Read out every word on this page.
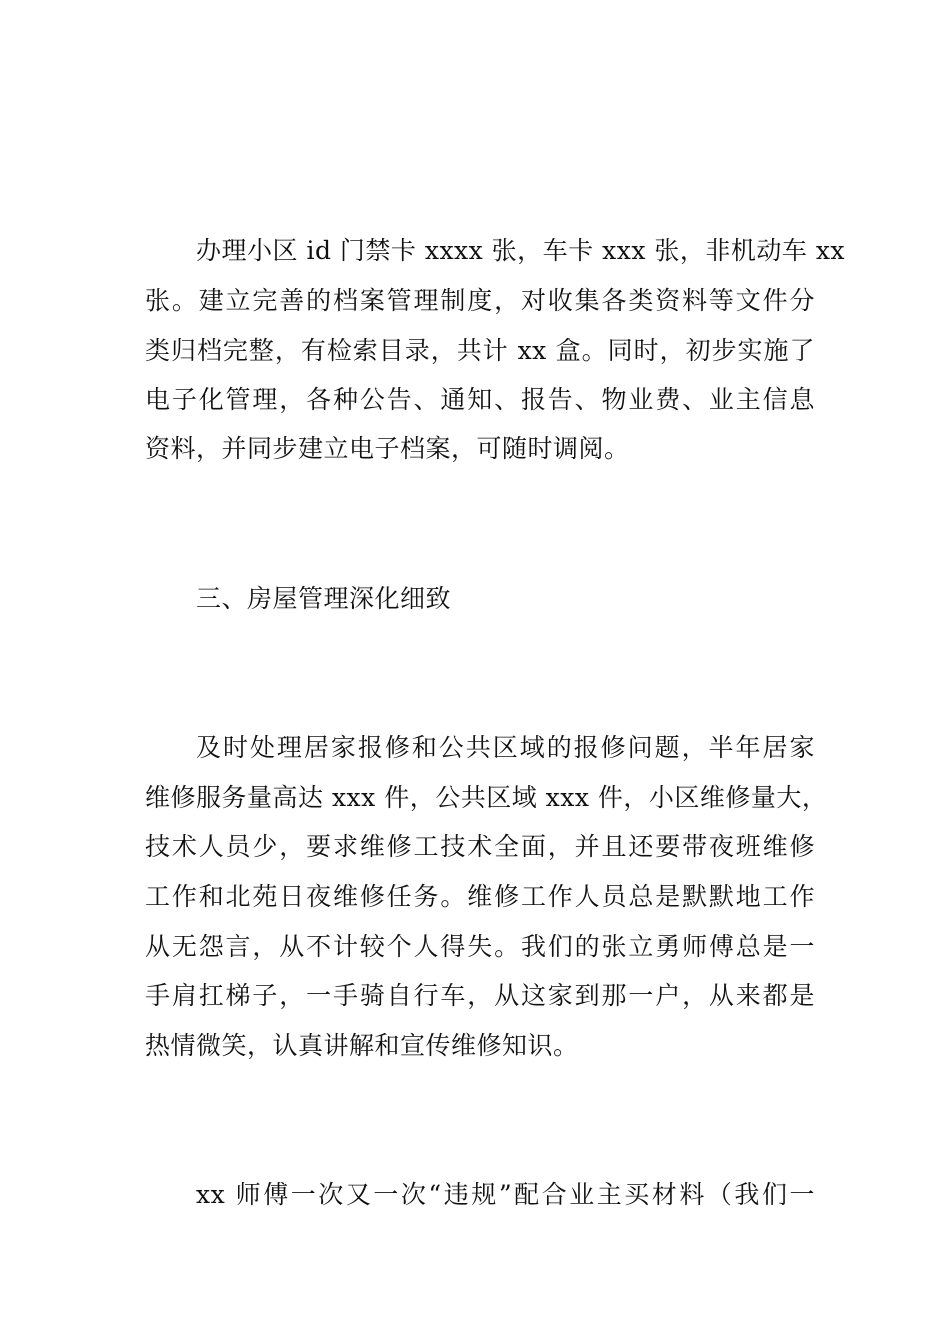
办理小区 id 门禁卡 xxxx 张，车卡 xxx 张，非机动车 xx
张。建立完善的档案管理制度，对收集各类资料等文件分
类归档完整，有检索目录，共计 xx 盒。同时，初步实施了
电子化管理，各种公告、通知、报告、物业费、业主信息
资料，并同步建立电子档案，可随时调阅。
三、房屋管理深化细致
及时处理居家报修和公共区域的报修问题，半年居家
维修服务量高达 xxx 件，公共区域 xxx 件，小区维修量大，
技术人员少，要求维修工技术全面，并且还要带夜班维修
工作和北苑日夜维修任务。维修工作人员总是默默地工作
从无怨言，从不计较个人得失。我们的张立勇师傅总是一
手肩扛梯子，一手骑自行车，从这家到那一户，从来都是
热情微笑，认真讲解和宣传维修知识。
xx 师傅一次又一次“违规”配合业主买材料（我们一
